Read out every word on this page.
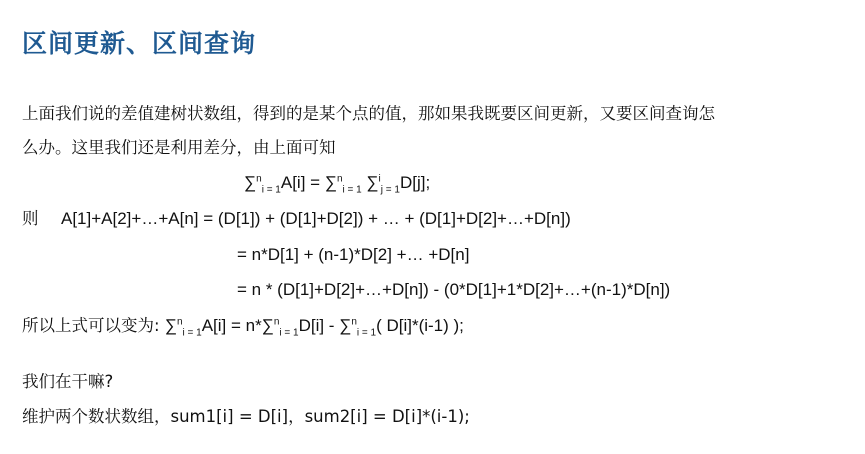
区间更新、区间查询
上面我们说的差值建树状数组，得到的是某个点的值，那如果我既要区间更新，又要区间查询怎
么办。这里我们还是利用差分，由上面可知
∑$^n_{i = 1}$A[i] = ∑$^n_{i = 1}$ ∑$^i_{j = 1}$D[j];
则 A[1]+A[2]+…+A[n] = (D[1]) + (D[1]+D[2]) + … + (D[1]+D[2]+…+D[n])
= n*D[1] + (n-1)*D[2] +… +D[n]
= n * (D[1]+D[2]+…+D[n]) - (0*D[1]+1*D[2]+…+(n-1)*D[n])
所以上式可以变为: ∑$^n_{i = 1}$A[i] = n*∑$^n_{i = 1}$D[i] - ∑$^n_{i = 1}$( D[i]*(i-1) );
我们在干嘛?
维护两个数状数组，sum1[i] = D[i]，sum2[i] = D[i]*(i-1);
